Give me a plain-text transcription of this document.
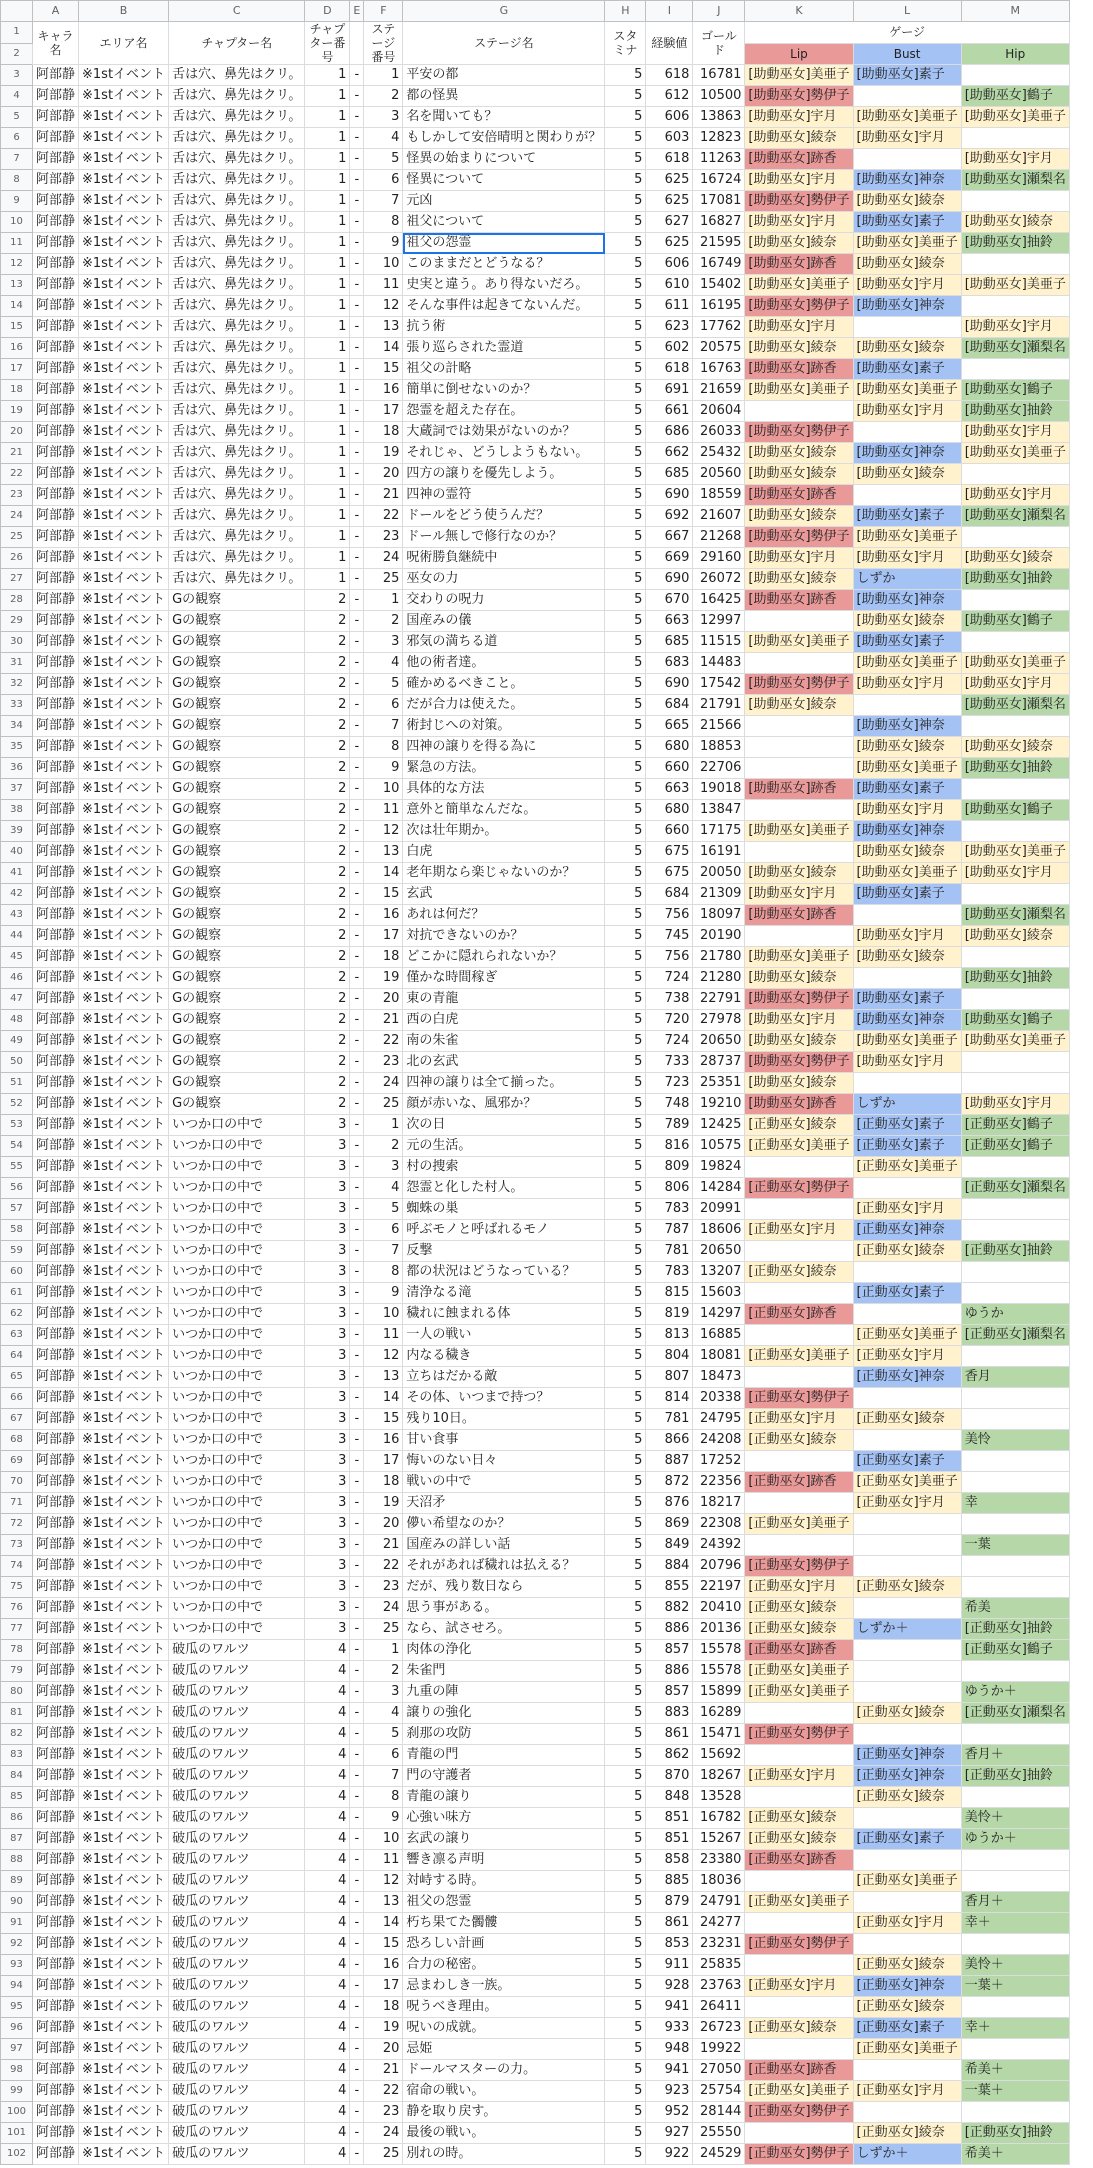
	A	B	C	D	E	F	G	H	I	J	K	L	M
1	キャラ名	エリア名	チャプター名	チャプター番号		ステージ番号	ステージ名	スタミナ	経験値	ゴールド	ゲージ		
2											Lip	Bust	Hip
3	阿部静	※1stイベント	舌は穴、鼻先はクリ。	1	-	1	平安の都	5	618	16781	[助動巫女]美亜子	[助動巫女]素子	
4	阿部静	※1stイベント	舌は穴、鼻先はクリ。	1	-	2	都の怪異	5	612	10500	[助動巫女]勢伊子		[助動巫女]鶴子
5	阿部静	※1stイベント	舌は穴、鼻先はクリ。	1	-	3	名を聞いても？	5	606	13863	[助動巫女]宇月	[助動巫女]美亜子	[助動巫女]美亜子
6	阿部静	※1stイベント	舌は穴、鼻先はクリ。	1	-	4	もしかして安倍晴明と関わりが？	5	603	12823	[助動巫女]綾奈	[助動巫女]宇月	
7	阿部静	※1stイベント	舌は穴、鼻先はクリ。	1	-	5	怪異の始まりについて	5	618	11263	[助動巫女]跡香		[助動巫女]宇月
8	阿部静	※1stイベント	舌は穴、鼻先はクリ。	1	-	6	怪異について	5	625	16724	[助動巫女]宇月	[助動巫女]神奈	[助動巫女]瀬梨名
9	阿部静	※1stイベント	舌は穴、鼻先はクリ。	1	-	7	元凶	5	625	17081	[助動巫女]勢伊子	[助動巫女]綾奈	
10	阿部静	※1stイベント	舌は穴、鼻先はクリ。	1	-	8	祖父について	5	627	16827	[助動巫女]宇月	[助動巫女]素子	[助動巫女]綾奈
11	阿部静	※1stイベント	舌は穴、鼻先はクリ。	1	-	9	祖父の怨霊	5	625	21595	[助動巫女]綾奈	[助動巫女]美亜子	[助動巫女]抽鈴
12	阿部静	※1stイベント	舌は穴、鼻先はクリ。	1	-	10	このままだとどうなる？	5	606	16749	[助動巫女]跡香	[助動巫女]綾奈	
13	阿部静	※1stイベント	舌は穴、鼻先はクリ。	1	-	11	史実と違う。あり得ないだろ。	5	610	15402	[助動巫女]美亜子	[助動巫女]宇月	[助動巫女]美亜子
14	阿部静	※1stイベント	舌は穴、鼻先はクリ。	1	-	12	そんな事件は起きてないんだ。	5	611	16195	[助動巫女]勢伊子	[助動巫女]神奈	
15	阿部静	※1stイベント	舌は穴、鼻先はクリ。	1	-	13	抗う術	5	623	17762	[助動巫女]宇月		[助動巫女]宇月
16	阿部静	※1stイベント	舌は穴、鼻先はクリ。	1	-	14	張り巡らされた霊道	5	602	20575	[助動巫女]綾奈	[助動巫女]綾奈	[助動巫女]瀬梨名
17	阿部静	※1stイベント	舌は穴、鼻先はクリ。	1	-	15	祖父の計略	5	618	16763	[助動巫女]跡香	[助動巫女]素子	
18	阿部静	※1stイベント	舌は穴、鼻先はクリ。	1	-	16	簡単に倒せないのか？	5	691	21659	[助動巫女]美亜子	[助動巫女]美亜子	[助動巫女]鶴子
19	阿部静	※1stイベント	舌は穴、鼻先はクリ。	1	-	17	怨霊を超えた存在。	5	661	20604		[助動巫女]宇月	[助動巫女]抽鈴
20	阿部静	※1stイベント	舌は穴、鼻先はクリ。	1	-	18	大蔵詞では効果がないのか？	5	686	26033	[助動巫女]勢伊子		[助動巫女]宇月
21	阿部静	※1stイベント	舌は穴、鼻先はクリ。	1	-	19	それじゃ、どうしようもない。	5	662	25432	[助動巫女]綾奈	[助動巫女]神奈	[助動巫女]美亜子
22	阿部静	※1stイベント	舌は穴、鼻先はクリ。	1	-	20	四方の譲りを優先しよう。	5	685	20560	[助動巫女]綾奈	[助動巫女]綾奈	
23	阿部静	※1stイベント	舌は穴、鼻先はクリ。	1	-	21	四神の霊符	5	690	18559	[助動巫女]跡香		[助動巫女]宇月
24	阿部静	※1stイベント	舌は穴、鼻先はクリ。	1	-	22	ドールをどう使うんだ？	5	692	21607	[助動巫女]綾奈	[助動巫女]素子	[助動巫女]瀬梨名
25	阿部静	※1stイベント	舌は穴、鼻先はクリ。	1	-	23	ドール無しで修行なのか？	5	667	21268	[助動巫女]勢伊子	[助動巫女]美亜子	
26	阿部静	※1stイベント	舌は穴、鼻先はクリ。	1	-	24	呪術勝負継続中	5	669	29160	[助動巫女]宇月	[助動巫女]宇月	[助動巫女]綾奈
27	阿部静	※1stイベント	舌は穴、鼻先はクリ。	1	-	25	巫女の力	5	690	26072	[助動巫女]綾奈	しずか	[助動巫女]抽鈴
28	阿部静	※1stイベント	Gの観察	2	-	1	交わりの呪力	5	670	16425	[助動巫女]跡香	[助動巫女]神奈	
29	阿部静	※1stイベント	Gの観察	2	-	2	国産みの儀	5	663	12997		[助動巫女]綾奈	[助動巫女]鶴子
30	阿部静	※1stイベント	Gの観察	2	-	3	邪気の満ちる道	5	685	11515	[助動巫女]美亜子	[助動巫女]素子	
31	阿部静	※1stイベント	Gの観察	2	-	4	他の術者達。	5	683	14483		[助動巫女]美亜子	[助動巫女]美亜子
32	阿部静	※1stイベント	Gの観察	2	-	5	確かめるべきこと。	5	690	17542	[助動巫女]勢伊子	[助動巫女]宇月	[助動巫女]宇月
33	阿部静	※1stイベント	Gの観察	2	-	6	だが合力は使えた。	5	684	21791	[助動巫女]綾奈		[助動巫女]瀬梨名
34	阿部静	※1stイベント	Gの観察	2	-	7	術封じへの対策。	5	665	21566		[助動巫女]神奈	
35	阿部静	※1stイベント	Gの観察	2	-	8	四神の譲りを得る為に	5	680	18853		[助動巫女]綾奈	[助動巫女]綾奈
36	阿部静	※1stイベント	Gの観察	2	-	9	緊急の方法。	5	660	22706		[助動巫女]美亜子	[助動巫女]抽鈴
37	阿部静	※1stイベント	Gの観察	2	-	10	具体的な方法	5	663	19018	[助動巫女]跡香	[助動巫女]素子	
38	阿部静	※1stイベント	Gの観察	2	-	11	意外と簡単なんだな。	5	680	13847		[助動巫女]宇月	[助動巫女]鶴子
39	阿部静	※1stイベント	Gの観察	2	-	12	次は壮年期か。	5	660	17175	[助動巫女]美亜子	[助動巫女]神奈	
40	阿部静	※1stイベント	Gの観察	2	-	13	白虎	5	675	16191		[助動巫女]綾奈	[助動巫女]美亜子
41	阿部静	※1stイベント	Gの観察	2	-	14	老年期なら楽じゃないのか？	5	675	20050	[助動巫女]綾奈	[助動巫女]美亜子	[助動巫女]宇月
42	阿部静	※1stイベント	Gの観察	2	-	15	玄武	5	684	21309	[助動巫女]宇月	[助動巫女]素子	
43	阿部静	※1stイベント	Gの観察	2	-	16	あれは何だ？	5	756	18097	[助動巫女]跡香		[助動巫女]瀬梨名
44	阿部静	※1stイベント	Gの観察	2	-	17	対抗できないのか？	5	745	20190		[助動巫女]宇月	[助動巫女]綾奈
45	阿部静	※1stイベント	Gの観察	2	-	18	どこかに隠れられないか？	5	756	21780	[助動巫女]美亜子	[助動巫女]綾奈	
46	阿部静	※1stイベント	Gの観察	2	-	19	僅かな時間稼ぎ	5	724	21280	[助動巫女]綾奈		[助動巫女]抽鈴
47	阿部静	※1stイベント	Gの観察	2	-	20	東の青龍	5	738	22791	[助動巫女]勢伊子	[助動巫女]素子	
48	阿部静	※1stイベント	Gの観察	2	-	21	西の白虎	5	720	27978	[助動巫女]宇月	[助動巫女]神奈	[助動巫女]鶴子
49	阿部静	※1stイベント	Gの観察	2	-	22	南の朱雀	5	724	20650	[助動巫女]綾奈	[助動巫女]美亜子	[助動巫女]美亜子
50	阿部静	※1stイベント	Gの観察	2	-	23	北の玄武	5	733	28737	[助動巫女]勢伊子	[助動巫女]宇月	
51	阿部静	※1stイベント	Gの観察	2	-	24	四神の譲りは全て揃った。	5	723	25351	[助動巫女]綾奈		
52	阿部静	※1stイベント	Gの観察	2	-	25	顔が赤いな、風邪か？	5	748	19210	[助動巫女]跡香	しずか	[助動巫女]宇月
53	阿部静	※1stイベント	いつか口の中で	3	-	1	次の日	5	789	12425	[正動巫女]綾奈	[正動巫女]素子	[正動巫女]鶴子
54	阿部静	※1stイベント	いつか口の中で	3	-	2	元の生活。	5	816	10575	[正動巫女]美亜子	[正動巫女]素子	[正動巫女]鶴子
55	阿部静	※1stイベント	いつか口の中で	3	-	3	村の捜索	5	809	19824		[正動巫女]美亜子	
56	阿部静	※1stイベント	いつか口の中で	3	-	4	怨霊と化した村人。	5	806	14284	[正動巫女]勢伊子		[正動巫女]瀬梨名
57	阿部静	※1stイベント	いつか口の中で	3	-	5	蜘蛛の巣	5	783	20991		[正動巫女]宇月	
58	阿部静	※1stイベント	いつか口の中で	3	-	6	呼ぶモノと呼ばれるモノ	5	787	18606	[正動巫女]宇月	[正動巫女]神奈	
59	阿部静	※1stイベント	いつか口の中で	3	-	7	反撃	5	781	20650		[正動巫女]綾奈	[正動巫女]抽鈴
60	阿部静	※1stイベント	いつか口の中で	3	-	8	都の状況はどうなっている？	5	783	13207	[正動巫女]綾奈		
61	阿部静	※1stイベント	いつか口の中で	3	-	9	清浄なる滝	5	815	15603		[正動巫女]素子	
62	阿部静	※1stイベント	いつか口の中で	3	-	10	穢れに蝕まれる体	5	819	14297	[正動巫女]跡香		ゆうか
63	阿部静	※1stイベント	いつか口の中で	3	-	11	一人の戦い	5	813	16885		[正動巫女]美亜子	[正動巫女]瀬梨名
64	阿部静	※1stイベント	いつか口の中で	3	-	12	内なる穢き	5	804	18081	[正動巫女]美亜子	[正動巫女]宇月	
65	阿部静	※1stイベント	いつか口の中で	3	-	13	立ちはだかる敵	5	807	18473		[正動巫女]神奈	香月
66	阿部静	※1stイベント	いつか口の中で	3	-	14	その体、いつまで持つ？	5	814	20338	[正動巫女]勢伊子		
67	阿部静	※1stイベント	いつか口の中で	3	-	15	残り10日。	5	781	24795	[正動巫女]宇月	[正動巫女]綾奈	
68	阿部静	※1stイベント	いつか口の中で	3	-	16	甘い食事	5	866	24208	[正動巫女]綾奈		美怜
69	阿部静	※1stイベント	いつか口の中で	3	-	17	悔いのない日々	5	887	17252		[正動巫女]素子	
70	阿部静	※1stイベント	いつか口の中で	3	-	18	戦いの中で	5	872	22356	[正動巫女]跡香	[正動巫女]美亜子	
71	阿部静	※1stイベント	いつか口の中で	3	-	19	天沼矛	5	876	18217		[正動巫女]宇月	幸
72	阿部静	※1stイベント	いつか口の中で	3	-	20	儚い希望なのか？	5	869	22308	[正動巫女]美亜子		
73	阿部静	※1stイベント	いつか口の中で	3	-	21	国産みの詳しい話	5	849	24392			一葉
74	阿部静	※1stイベント	いつか口の中で	3	-	22	それがあれば穢れは払える？	5	884	20796	[正動巫女]勢伊子		
75	阿部静	※1stイベント	いつか口の中で	3	-	23	だが、残り数日なら	5	855	22197	[正動巫女]宇月	[正動巫女]綾奈	
76	阿部静	※1stイベント	いつか口の中で	3	-	24	思う事がある。	5	882	20410	[正動巫女]綾奈		希美
77	阿部静	※1stイベント	いつか口の中で	3	-	25	なら、試させろ。	5	886	20136	[正動巫女]綾奈	しずか＋	[正動巫女]抽鈴
78	阿部静	※1stイベント	破瓜のワルツ	4	-	1	肉体の浄化	5	857	15578	[正動巫女]跡香		[正動巫女]鶴子
79	阿部静	※1stイベント	破瓜のワルツ	4	-	2	朱雀門	5	886	15578	[正動巫女]美亜子		
80	阿部静	※1stイベント	破瓜のワルツ	4	-	3	九重の陣	5	857	15899	[正動巫女]美亜子		ゆうか＋
81	阿部静	※1stイベント	破瓜のワルツ	4	-	4	譲りの強化	5	883	16289		[正動巫女]綾奈	[正動巫女]瀬梨名
82	阿部静	※1stイベント	破瓜のワルツ	4	-	5	刹那の攻防	5	861	15471	[正動巫女]勢伊子		
83	阿部静	※1stイベント	破瓜のワルツ	4	-	6	青龍の門	5	862	15692		[正動巫女]神奈	香月＋
84	阿部静	※1stイベント	破瓜のワルツ	4	-	7	門の守護者	5	870	18267	[正動巫女]宇月	[正動巫女]神奈	[正動巫女]抽鈴
85	阿部静	※1stイベント	破瓜のワルツ	4	-	8	青龍の譲り	5	848	13528		[正動巫女]綾奈	
86	阿部静	※1stイベント	破瓜のワルツ	4	-	9	心強い味方	5	851	16782	[正動巫女]綾奈		美怜＋
87	阿部静	※1stイベント	破瓜のワルツ	4	-	10	玄武の譲り	5	851	15267	[正動巫女]綾奈	[正動巫女]素子	ゆうか＋
88	阿部静	※1stイベント	破瓜のワルツ	4	-	11	響き凛る声明	5	858	23380	[正動巫女]跡香		
89	阿部静	※1stイベント	破瓜のワルツ	4	-	12	対峙する時。	5	885	18036		[正動巫女]美亜子	
90	阿部静	※1stイベント	破瓜のワルツ	4	-	13	祖父の怨霊	5	879	24791	[正動巫女]美亜子		香月＋
91	阿部静	※1stイベント	破瓜のワルツ	4	-	14	朽ち果てた髑髏	5	861	24277		[正動巫女]宇月	幸＋
92	阿部静	※1stイベント	破瓜のワルツ	4	-	15	恐ろしい計画	5	853	23231	[正動巫女]勢伊子		
93	阿部静	※1stイベント	破瓜のワルツ	4	-	16	合力の秘密。	5	911	25835		[正動巫女]綾奈	美怜＋
94	阿部静	※1stイベント	破瓜のワルツ	4	-	17	忌まわしき一族。	5	928	23763	[正動巫女]宇月	[正動巫女]神奈	一葉＋
95	阿部静	※1stイベント	破瓜のワルツ	4	-	18	呪うべき理由。	5	941	26411		[正動巫女]綾奈	
96	阿部静	※1stイベント	破瓜のワルツ	4	-	19	呪いの成就。	5	933	26723	[正動巫女]綾奈	[正動巫女]素子	幸＋
97	阿部静	※1stイベント	破瓜のワルツ	4	-	20	忌姫	5	948	19922		[正動巫女]美亜子	
98	阿部静	※1stイベント	破瓜のワルツ	4	-	21	ドールマスターの力。	5	941	27050	[正動巫女]跡香		希美＋
99	阿部静	※1stイベント	破瓜のワルツ	4	-	22	宿命の戦い。	5	923	25754	[正動巫女]美亜子	[正動巫女]宇月	一葉＋
100	阿部静	※1stイベント	破瓜のワルツ	4	-	23	静を取り戻す。	5	952	28144	[正動巫女]勢伊子		
101	阿部静	※1stイベント	破瓜のワルツ	4	-	24	最後の戦い。	5	927	25550		[正動巫女]綾奈	[正動巫女]抽鈴
102	阿部静	※1stイベント	破瓜のワルツ	4	-	25	別れの時。	5	922	24529	[正動巫女]勢伊子	しずか＋	希美＋
